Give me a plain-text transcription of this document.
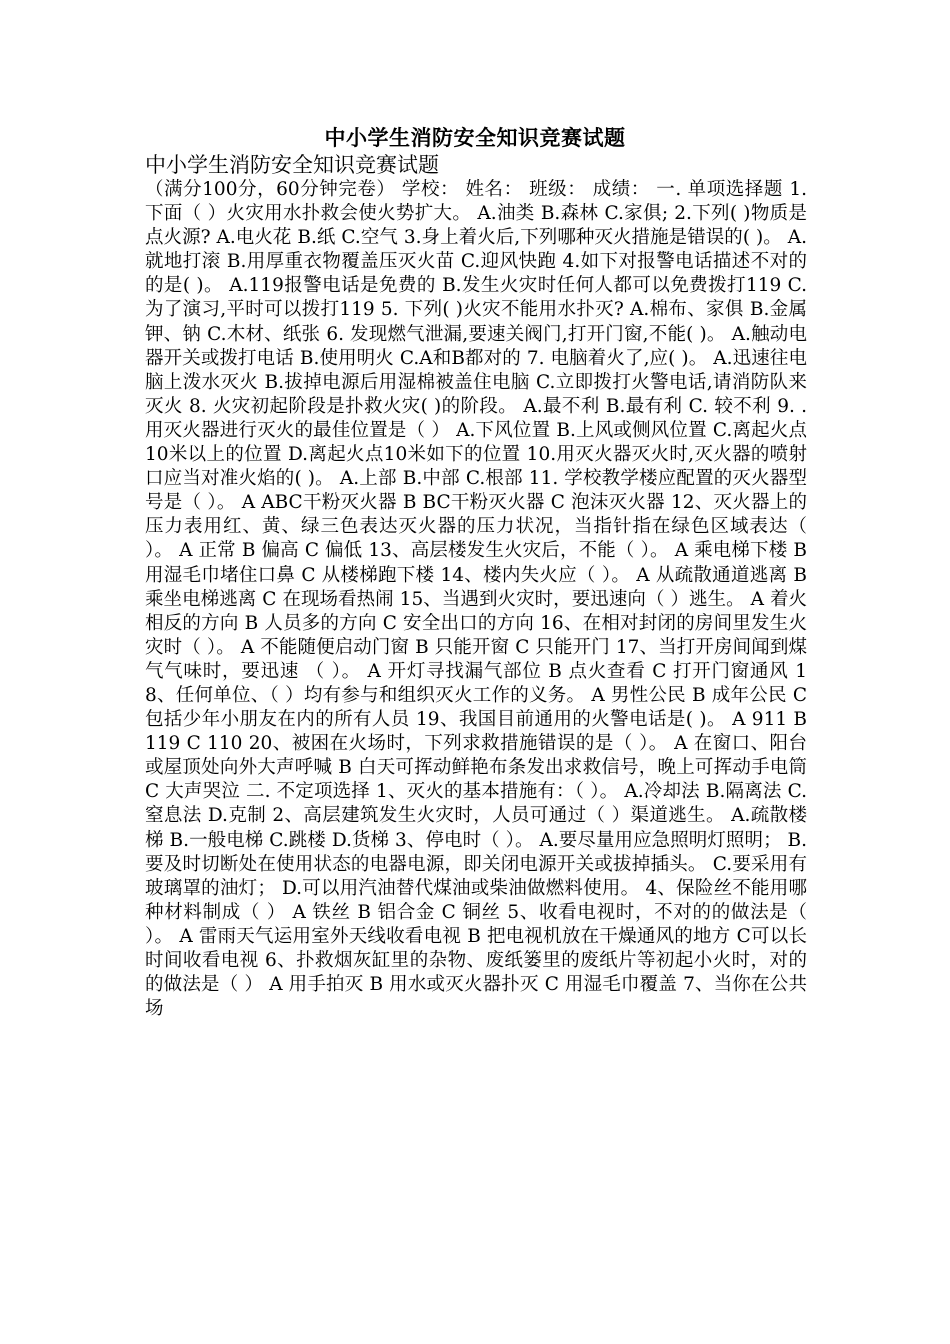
中小学生消防安全知识竞赛试题
中小学生消防安全知识竞赛试题
（满分100分，60分钟完卷） 学校： 姓名： 班级： 成绩： 一. 单项选择题 1. 下面（ ）火灾用水扑救会使火势扩大。 A.油类 B.森林 C.家俱; 2.下列( )物质是点火源? A.电火花 B.纸 C.空气 3.身上着火后,下列哪种灭火措施是错误的( )。 A.就地打滚 B.用厚重衣物覆盖压灭火苗 C.迎风快跑 4.如下对报警电话描述不对的的是( )。 A.119报警电话是免费的 B.发生火灾时任何人都可以免费拨打119 C.为了演习,平时可以拨打119 5. 下列( )火灾不能用水扑灭? A.棉布、家俱 B.金属钾、钠 C.木材、纸张 6. 发现燃气泄漏,要速关阀门,打开门窗,不能( )。 A.触动电器开关或拨打电话 B.使用明火 C.A和B都对的 7. 电脑着火了,应( )。 A.迅速往电脑上泼水灭火 B.拔掉电源后用湿棉被盖住电脑 C.立即拨打火警电话,请消防队来灭火 8. 火灾初起阶段是扑救火灾( )的阶段。 A.最不利 B.最有利 C. 较不利 9. .用灭火器进行灭火的最佳位置是（ ） A.下风位置 B.上风或侧风位置 C.离起火点10米以上的位置 D.离起火点10米如下的位置 10.用灭火器灭火时,灭火器的喷射口应当对准火焰的( )。 A.上部 B.中部 C.根部 11. 学校教学楼应配置的灭火器型号是（ ）。 A ABC干粉灭火器 B BC干粉灭火器 C 泡沫灭火器 12、灭火器上的压力表用红、黄、绿三色表达灭火器的压力状况，当指针指在绿色区域表达（ ）。 A 正常 B 偏高 C 偏低 13、高层楼发生火灾后，不能（ ）。 A 乘电梯下楼 B 用湿毛巾堵住口鼻 C 从楼梯跑下楼 14、楼内失火应（ ）。 A 从疏散通道逃离 B 乘坐电梯逃离 C 在现场看热闹 15、当遇到火灾时，要迅速向（ ）逃生。 A 着火相反的方向 B 人员多的方向 C 安全出口的方向 16、在相对封闭的房间里发生火灾时（ ）。 A 不能随便启动门窗 B 只能开窗 C 只能开门 17、当打开房间闻到煤气气味时，要迅速 （ ）。 A 开灯寻找漏气部位 B 点火查看 C 打开门窗通风 18、任何单位、（ ）均有参与和组织灭火工作的义务。 A 男性公民 B 成年公民 C 包括少年小朋友在内的所有人员 19、我国目前通用的火警电话是( )。 A 911 B 119 C 110 20、被困在火场时，下列求救措施错误的是（ ）。 A 在窗口、阳台或屋顶处向外大声呼喊 B 白天可挥动鲜艳布条发出求救信号，晚上可挥动手电筒 C 大声哭泣 二. 不定项选择 1、灭火的基本措施有：（ ）。 A.冷却法 B.隔离法 C.窒息法 D.克制 2、高层建筑发生火灾时，人员可通过（ ）渠道逃生。 A.疏散楼梯 B.一般电梯 C.跳楼 D.货梯 3、停电时（ ）。 A.要尽量用应急照明灯照明； B.要及时切断处在使用状态的电器电源，即关闭电源开关或拔掉插头。 C.要采用有玻璃罩的油灯； D.可以用汽油替代煤油或柴油做燃料使用。 4、保险丝不能用哪种材料制成（ ） A 铁丝 B 铝合金 C 铜丝 5、收看电视时，不对的的做法是（ ）。 A 雷雨天气运用室外天线收看电视 B 把电视机放在干燥通风的地方 C可以长时间收看电视 6、扑救烟灰缸里的杂物、废纸篓里的废纸片等初起小火时，对的的做法是（ ） A 用手拍灭 B 用水或灭火器扑灭 C 用湿毛巾覆盖 7、当你在公共场
